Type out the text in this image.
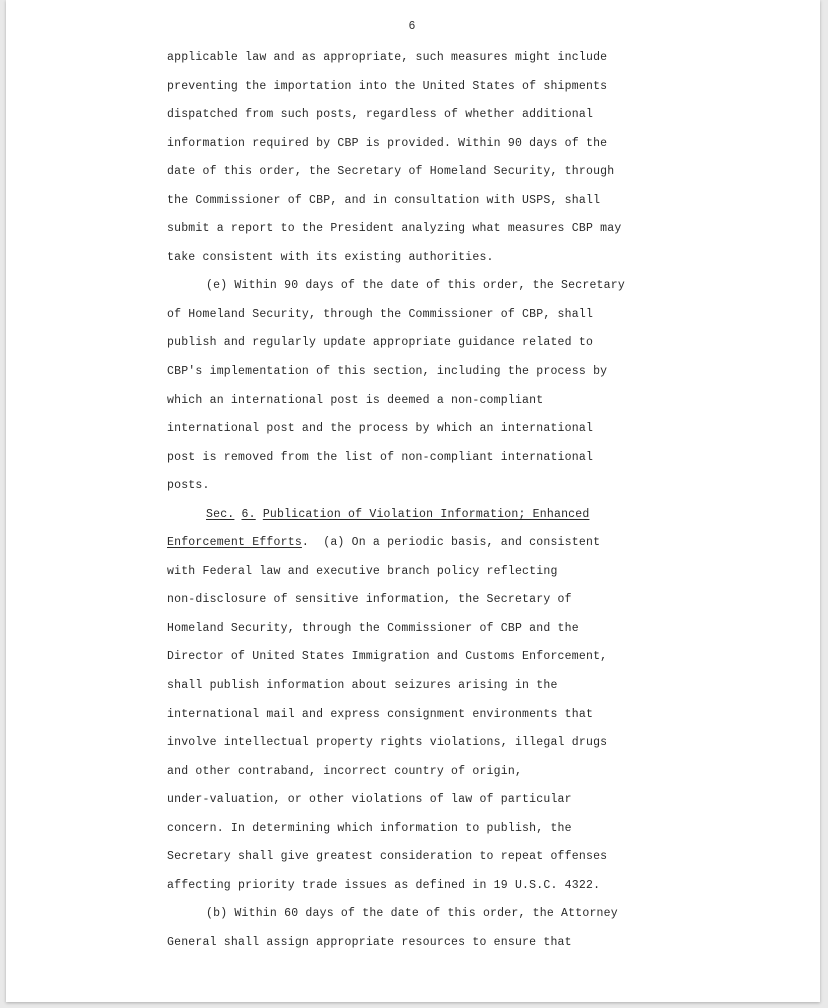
6
applicable law and as appropriate, such measures might include
preventing the importation into the United States of shipments
dispatched from such posts, regardless of whether additional
information required by CBP is provided. Within 90 days of the
date of this order, the Secretary of Homeland Security, through
the Commissioner of CBP, and in consultation with USPS, shall
submit a report to the President analyzing what measures CBP may
take consistent with its existing authorities.
(e) Within 90 days of the date of this order, the Secretary
of Homeland Security, through the Commissioner of CBP, shall
publish and regularly update appropriate guidance related to
CBP's implementation of this section, including the process by
which an international post is deemed a non-compliant
international post and the process by which an international
post is removed from the list of non-compliant international
posts.
Sec. 6. Publication of Violation Information; Enhanced
Enforcement Efforts.  (a) On a periodic basis, and consistent
with Federal law and executive branch policy reflecting
non-disclosure of sensitive information, the Secretary of
Homeland Security, through the Commissioner of CBP and the
Director of United States Immigration and Customs Enforcement,
shall publish information about seizures arising in the
international mail and express consignment environments that
involve intellectual property rights violations, illegal drugs
and other contraband, incorrect country of origin,
under-valuation, or other violations of law of particular
concern. In determining which information to publish, the
Secretary shall give greatest consideration to repeat offenses
affecting priority trade issues as defined in 19 U.S.C. 4322.
(b) Within 60 days of the date of this order, the Attorney
General shall assign appropriate resources to ensure that
